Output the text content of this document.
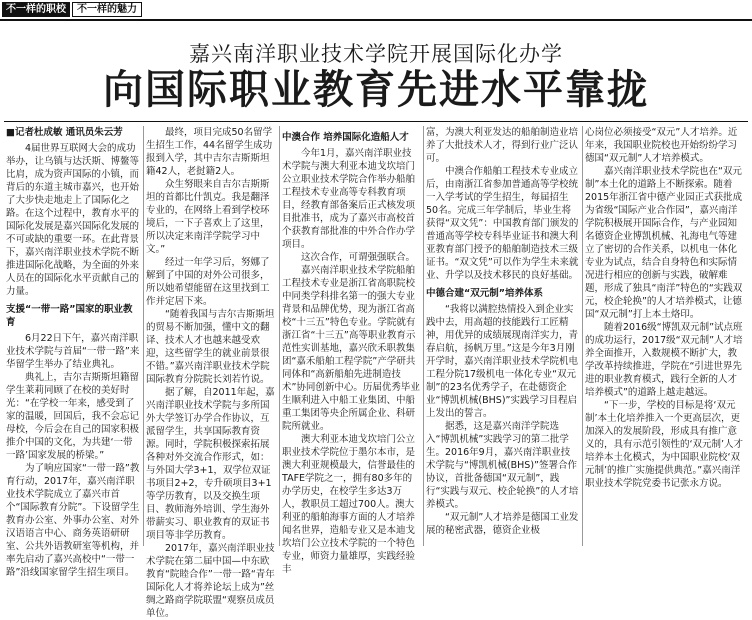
不一样的职校	不一样的魅力
嘉兴南洋职业技术学院开展国际化办学
向国际职业教育先进水平靠拢
■记者杜成敏 通讯员朱云芳

4届世界互联网大会的成功举办，让乌镇与达沃斯、博鳌等比肩，成为资声国际的小镇，而背后的东道主城市嘉兴，也开始了大步快走地走上了国际化之路。在这个过程中，教育水平的国际化发展是嘉兴国际化发展的不可或缺的重要一环。在此背景下，嘉兴南洋职业技术学院不断推进国际化战略，为全面的外来人员在的国际化水平贡献自己的力量。

支援“一带一路”国家的职业教育

6月22日下午，嘉兴南洋职业技术学院与首届“一带一路”来华留学生举办了结业典礼。

典礼上，吉尔吉斯斯坦籍留学生莱莉同顾了在校的美好时光：“在学校一年来，感受到了家的温暖，回国后，我不会忘记母校，今后会在自己的国家积极推介中国的文化，为共建‘一带一路’国家发展的桥梁。”

为了响应国家“一带一路”教育行动，2017年，嘉兴南洋职业技术学院成立了嘉兴市首个“国际教育分院”。下设留学生教育办公室、外事办公室、对外汉语语言中心、商务英语研研室、公共外语教研室等机构，并率先启动了嘉兴高校中“一带一路”沿线国家留学生招生项目。

最终，项目完成50名留学生招生工作，44名留学生成功报到入学，其中吉尔吉斯斯坦籍42人，老挝籍2人。

众生努眼来自吉尔吉斯斯坦的首都比什凯克。我是翻泽专业的，在网络上看到学校环境后，一下子喜欢上了这里，所以决定来南洋学院学习中文。”

经过一年学习后，努娜了解到了中国的对外公司很多，所以她希望能留在这里找到工作并定居下来。

“随着我国与吉尔吉斯斯坦的贸易不断加强，懂中文的翻译、技术人才也越来越受欢迎，这些留学生的就业前景很不错。”嘉兴南洋职业技术学院国际教育分院院长刘若竹说。

据了解，自2011年起，嘉兴南洋职业技术学院与多所国外大学签订办学合作协议，互派留学生，共享国际教育资源。同时，学院积极探索拓展各种对外交流合作形式，如：与外国大学3+1，双学位双证书项目2+2，专升硕项目3+1等学历教育，以及交换生项目、教师海外培训、学生海外带薪实习、职业教育的双证书项目等非学历教育。

2017年，嘉兴南洋职业技术学院在第二届中国—中东欧教育“院睦合作”一带一路“青年国际化人才将养论坛上成为”丝绸之路商学院联盟“观察员成员单位。

中澳合作 培养国际化造船人才

今年1月，嘉兴南洋职业技术学院与澳大利亚本迪戈坎培门公立职业技术学院合作举办船舶工程技术专业高等专科教育项目，经教育部备案后正式核发项目批准书，成为了嘉兴市高校首个获教育部批准的中外合作办学项目。

这次合作，可谓强强联合。

嘉兴南洋职业技术学院船舶工程技术专业是浙江省高职院校中同类学科排名第一的强大专业背景和品牌优势，现为浙江省高校“十三五”特色专业。学院就有浙江省“十三五”高等职业教育示范性实训基地，嘉兴欣禾职教集团“嘉禾船舶工程学院”产学研共同体和“高新船舶先进制造技术”协同创新中心。历届优秀毕业生顺利进入中船工业集团、中船重工集团等央企所属企业、科研院所就业。

澳大利亚本迪戈坎培门公立职业技术学院位于墨尔本市，是澳大利亚规模最大，信誉最佳的TAFE学院之一，拥有80多年的办学历史，在校学生多达3万人，教职员工超过700人。澳大利亚的船舶海事方面的人才培养闻名世界，造船专业又是本迪戈坎培门公立技术学院的一个特色专业，师资力量雄厚，实践经验丰

富，为澳大利亚发达的船舶制造业培养了大批技术人才，得到行业广泛认可。

中澳合作船舶工程技术专业成立后，由南浙江省参加普通高等学校统一入学考试的学生招生，每届招生50名。完成三年学制后，毕业生将获得“双文凭”：中国教育部门颁发的普通高等学校专科毕业证书和澳大利亚教育部门授予的船舶制造技术三级证书。“双文凭”可以作为学生未来就业、升学以及技术移民的良好基础。

中德合建“双元制”培养体系

“我将以满腔热情投入到企业实践中去，用高超的技能践行工匠精神，用优异的成绩展现南洋实力，青春启航，扬帆万里。”这是今年3月刚开学时，嘉兴南洋职业技术学院机电工程分院17级机电一体化专业“双元制”的23名优秀学子，在赴德资企业“博凯机械(BHS)”实践学习目程启上发出的誓言。

据悉，这是嘉兴南洋学院选入“博凯机械”实践学习的第二批学生。2016年9月，嘉兴南洋职业技术学院与“博凯机械(BHS)”签署合作协议，首批备德国“双元制”，践行“实践与双元、校企轮换”的人才培养模式。

“双元制”人才培养是德国工业发展的秘密武器，德资企业极

心岗位必须接受“双元”人才培养。近年来，我国职业院校也开始纷纷学习德国“双元制”人才培养模式。

嘉兴南洋职业技术学院也在“双元制”本土化的道路上不断探索。随着2015年浙江省中德产业园正式获批成为省级“国际产业合作园”，嘉兴南洋学院积极展开国际合作，与产业园知名德资企业博凯机械、礼海电气等建立了密切的合作关系，以机电一体化专业为试点，结合自身特色和实际情况进行相应的创新与实践，破解难题，形成了独具“南洋”特色的“实践双元，校企轮换”的人才培养模式，让德国“双元制”打上本土烙印。

随着2016级“博凯双元制”试点班的成功运行，2017级“双元制”人才培养全面推开，入数规模不断扩大，教学改革持续推进，学院在“引进世界先进的职业教育模式，践行全新的人才培养模式”的道路上越走越远。

“下一步，学校的目标是将‘双元制’本土化培养推入一个更高层次，更加深入的发展阶段，形成具有推广意义的，具有示范引领性的‘双元制’人才培养本土化模式，为中国职业院校‘双元制’的推广实施提供典范。”嘉兴南洋职业技术学院党委书记张永方说。
